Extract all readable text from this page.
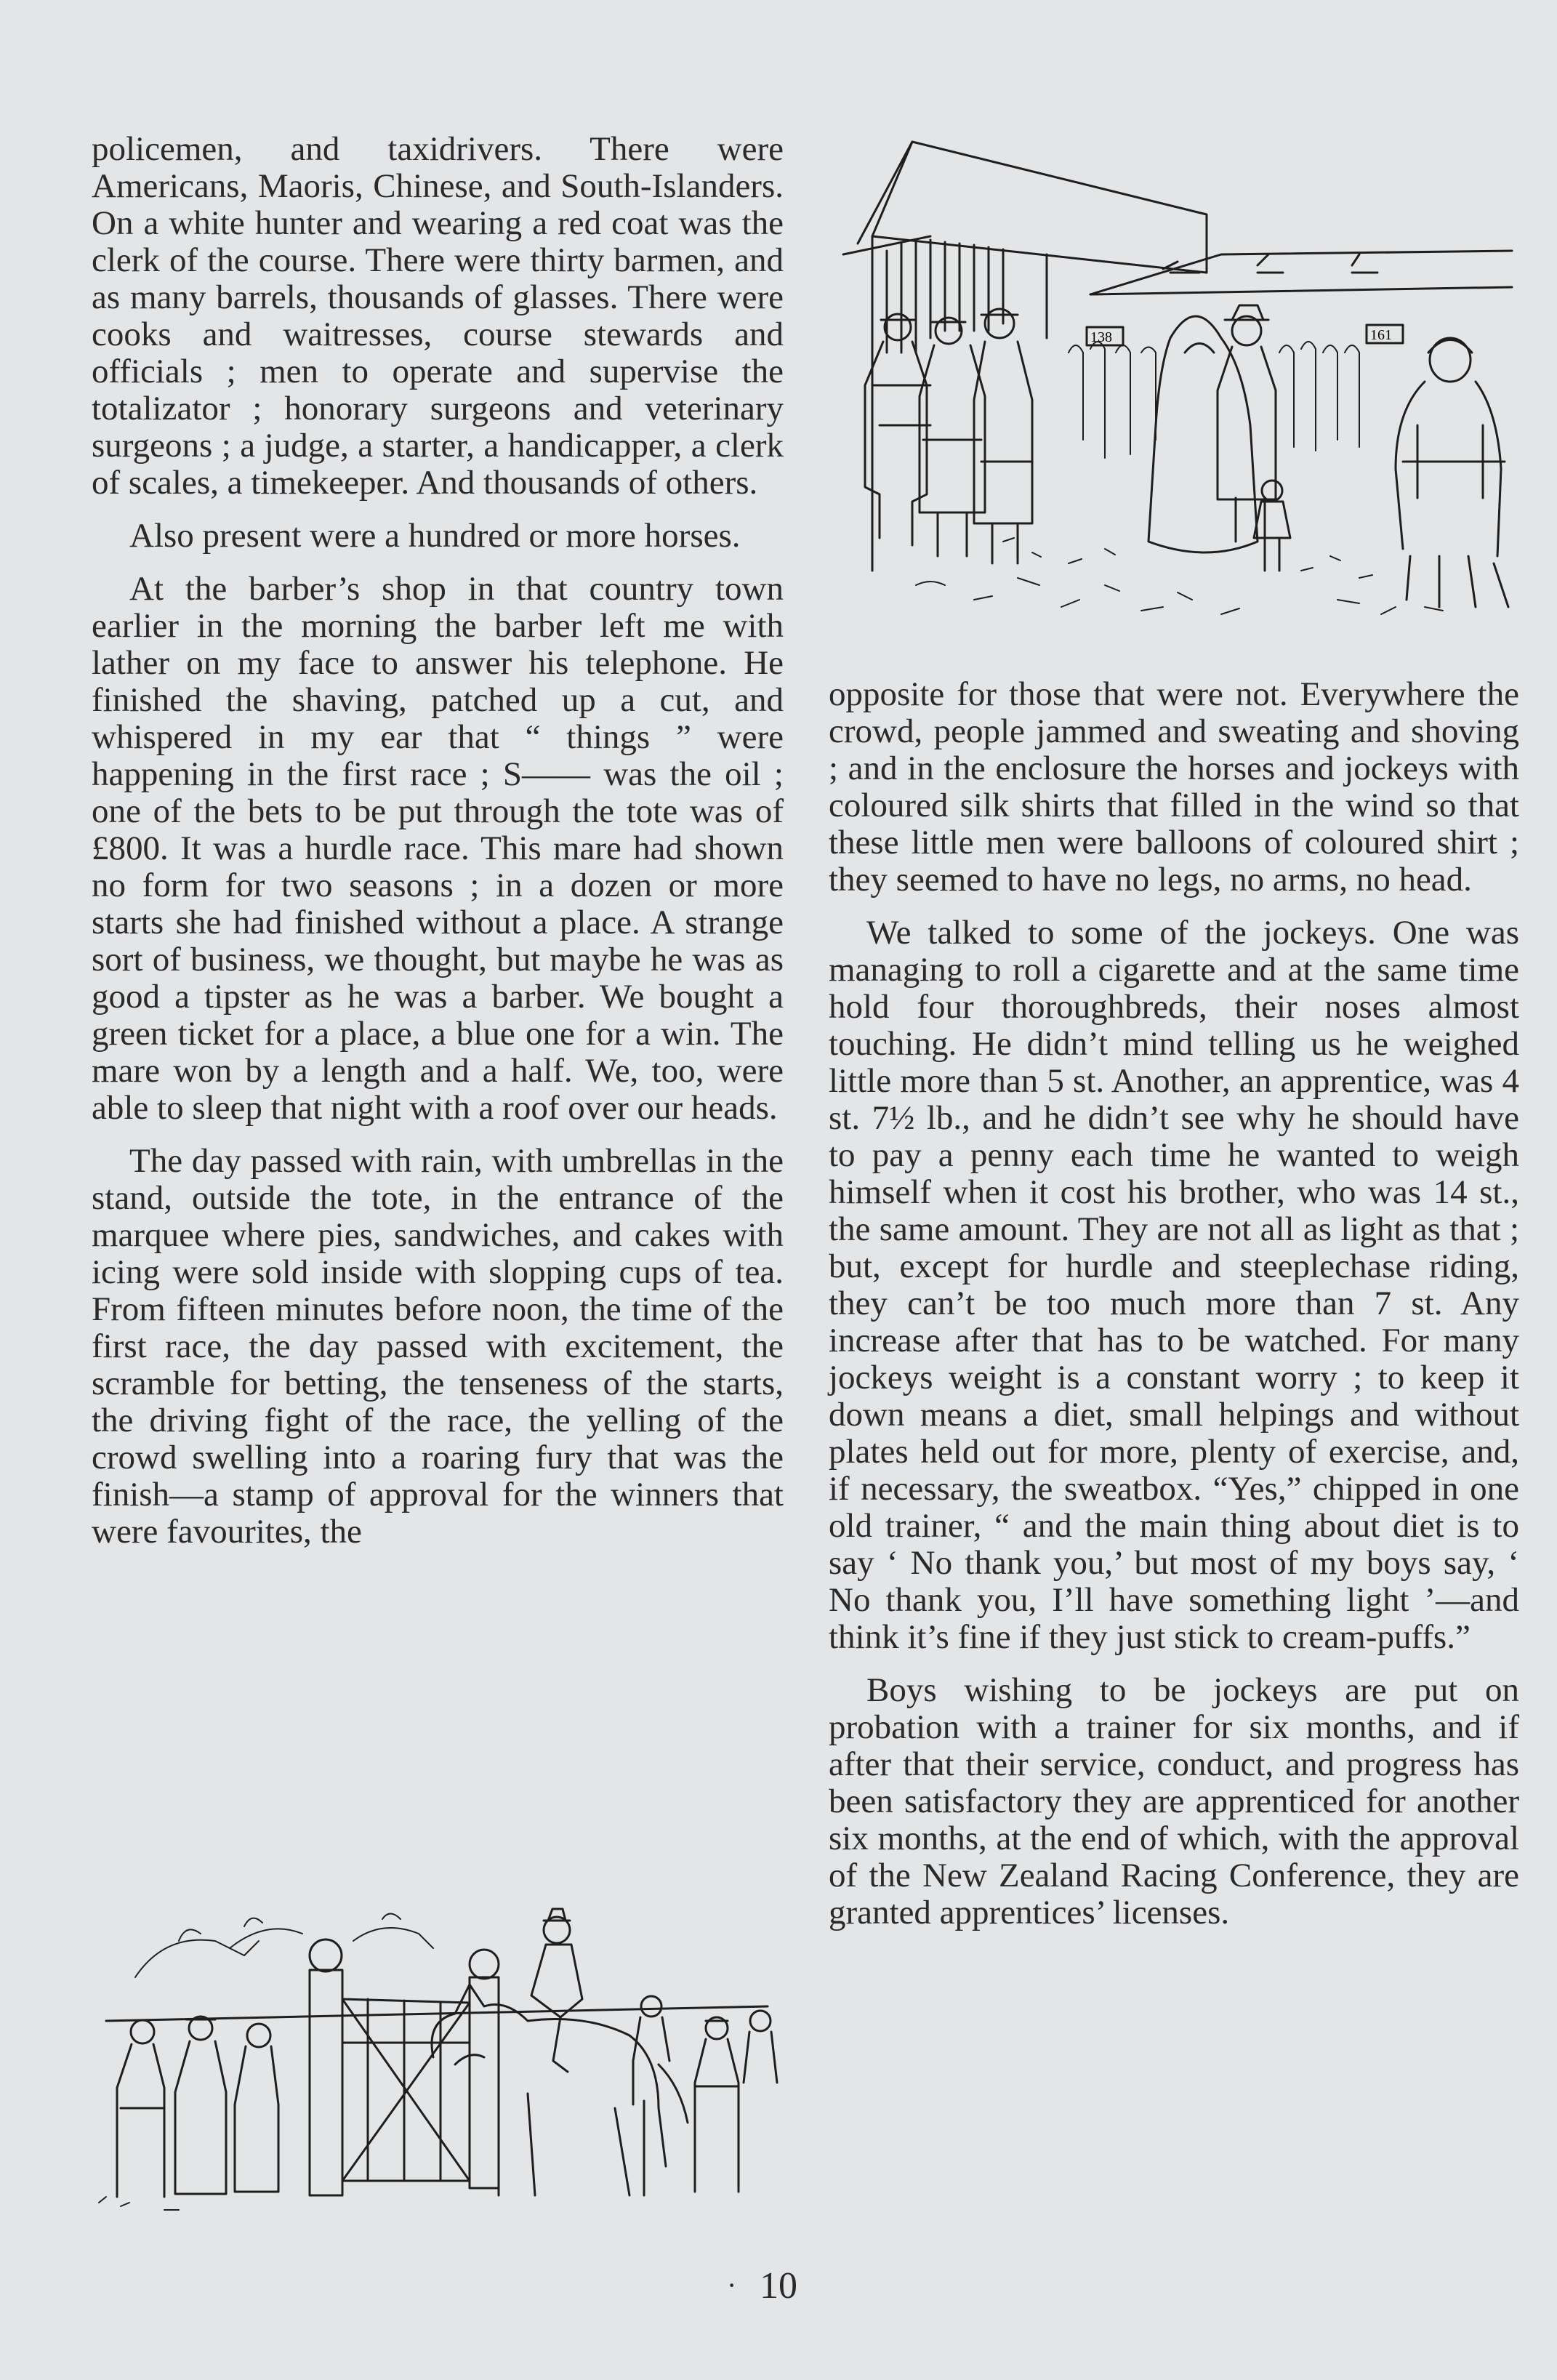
policemen, and taxidrivers. There were Americans, Maoris, Chinese, and South-Islanders. On a white hunter and wearing a red coat was the clerk of the course. There were thirty barmen, and as many barrels, thousands of glasses. There were cooks and waitresses, course stewards and officials ; men to operate and supervise the totalizator ; honorary surgeons and veterinary surgeons ; a judge, a starter, a handicapper, a clerk of scales, a timekeeper. And thousands of others.

Also present were a hundred or more horses.

At the barber’s shop in that country town earlier in the morning the barber left me with lather on my face to answer his telephone. He finished the shaving, patched up a cut, and whispered in my ear that “ things ” were happening in the first race ; S—— was the oil ; one of the bets to be put through the tote was of £800. It was a hurdle race. This mare had shown no form for two seasons ; in a dozen or more starts she had finished without a place. A strange sort of business, we thought, but maybe he was as good a tipster as he was a barber. We bought a green ticket for a place, a blue one for a win. The mare won by a length and a half. We, too, were able to sleep that night with a roof over our heads.

The day passed with rain, with umbrellas in the stand, outside the tote, in the entrance of the marquee where pies, sandwiches, and cakes with icing were sold inside with slopping cups of tea. From fifteen minutes before noon, the time of the first race, the day passed with excitement, the scramble for betting, the tenseness of the starts, the driving fight of the race, the yelling of the crowd swelling into a roaring fury that was the finish—a stamp of approval for the winners that were favourites, the

138	161

opposite for those that were not. Everywhere the crowd, people jammed and sweating and shoving ; and in the enclosure the horses and jockeys with coloured silk shirts that filled in the wind so that these little men were balloons of coloured shirt ; they seemed to have no legs, no arms, no head.

We talked to some of the jockeys. One was managing to roll a cigarette and at the same time hold four thoroughbreds, their noses almost touching. He didn’t mind telling us he weighed little more than 5 st. Another, an apprentice, was 4 st. 7½ lb., and he didn’t see why he should have to pay a penny each time he wanted to weigh himself when it cost his brother, who was 14 st., the same amount. They are not all as light as that ; but, except for hurdle and steeplechase riding, they can’t be too much more than 7 st. Any increase after that has to be watched. For many jockeys weight is a constant worry ; to keep it down means a diet, small helpings and without plates held out for more, plenty of exercise, and, if necessary, the sweatbox. “Yes,” chipped in one old trainer, “ and the main thing about diet is to say ‘ No thank you,’ but most of my boys say, ‘ No thank you, I’ll have something light ’—and think it’s fine if they just stick to cream-puffs.”

Boys wishing to be jockeys are put on probation with a trainer for six months, and if after that their service, conduct, and progress has been satisfactory they are apprenticed for another six months, at the end of which, with the approval of the New Zealand Racing Conference, they are granted apprentices’ licenses.

· 10
